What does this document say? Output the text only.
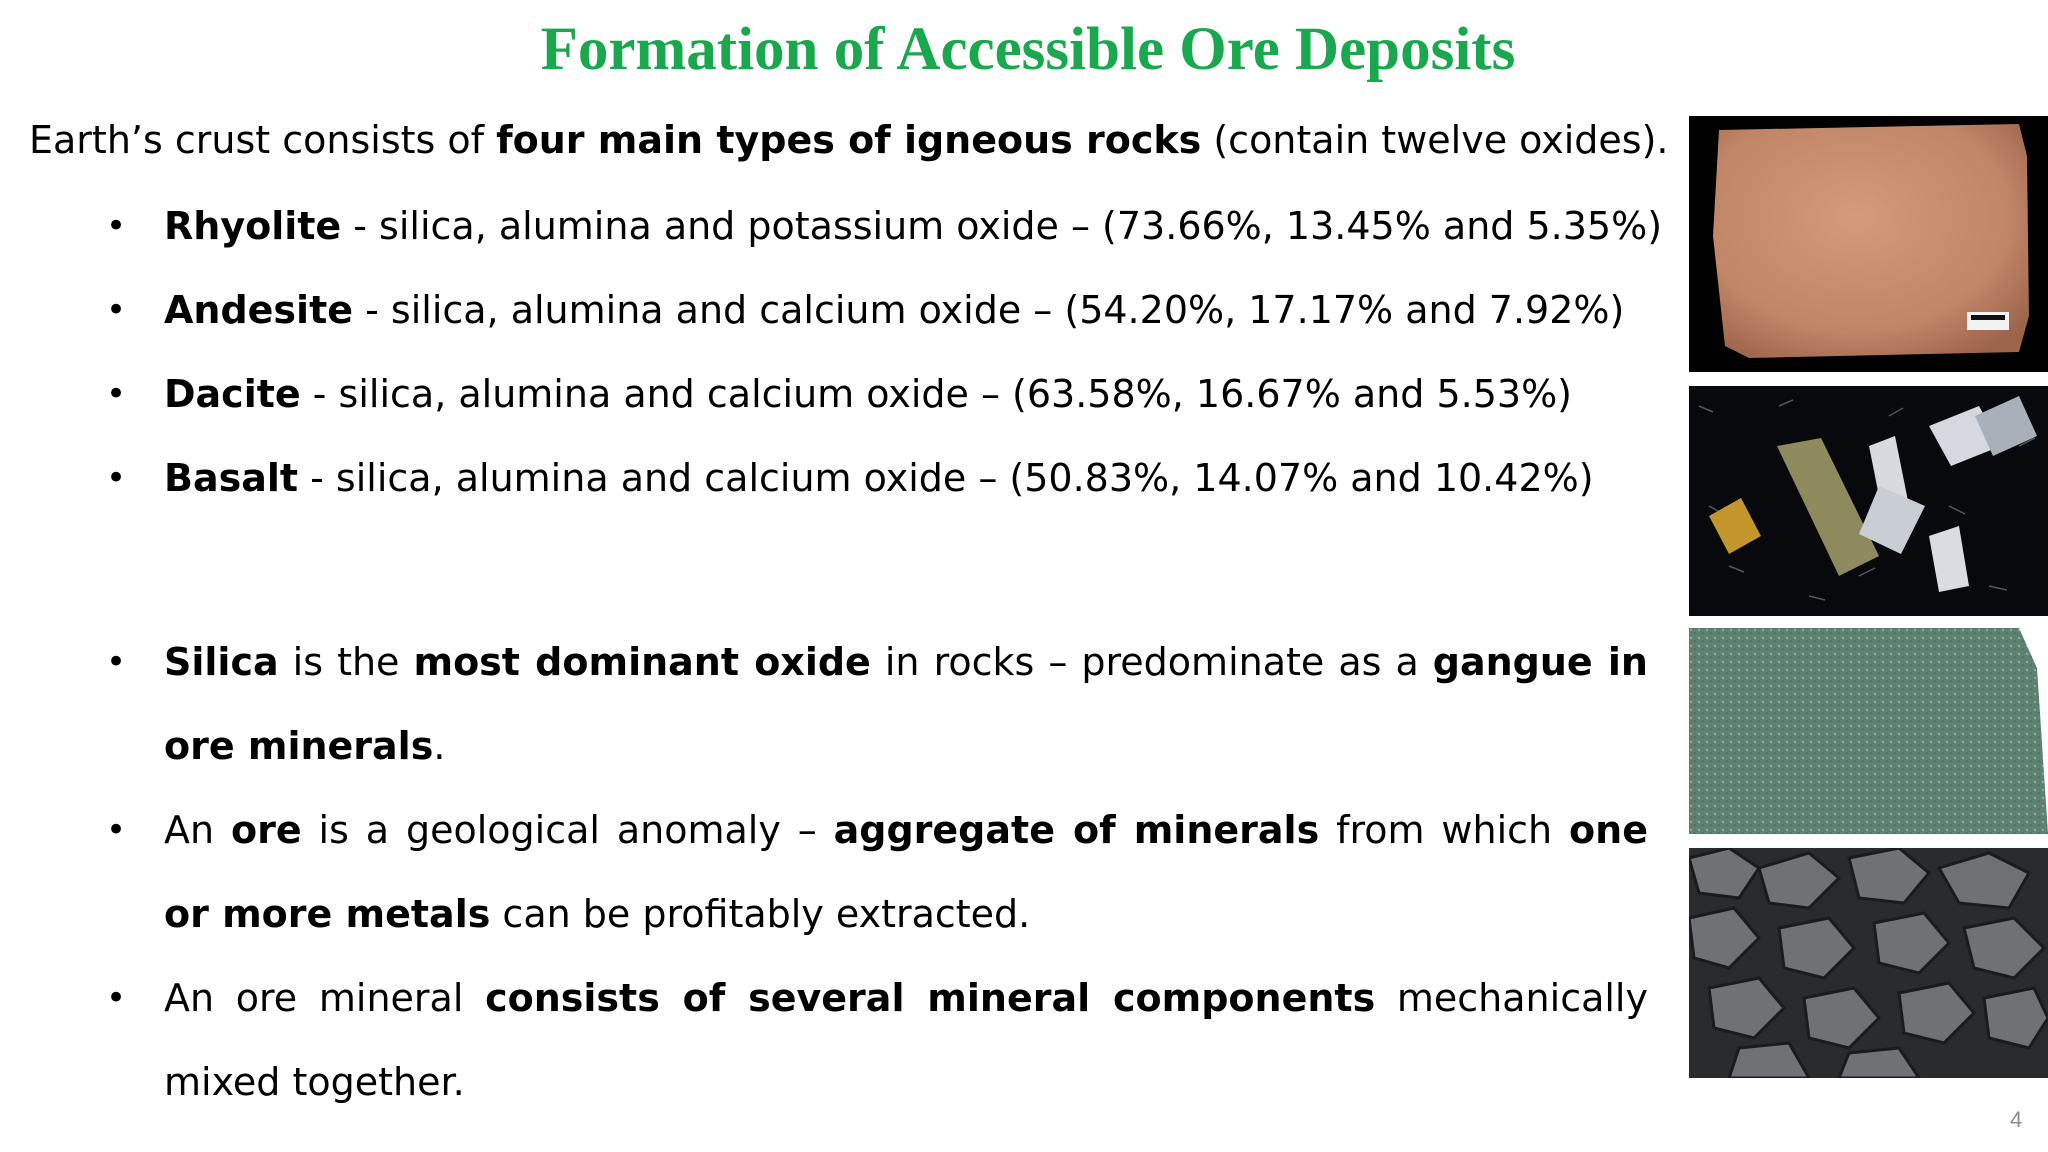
Formation of Accessible Ore Deposits

Earth’s crust consists of four main types of igneous rocks (contain twelve oxides).

• Rhyolite - silica, alumina and potassium oxide – (73.66%, 13.45% and 5.35%)
• Andesite - silica, alumina and calcium oxide – (54.20%, 17.17% and 7.92%)
• Dacite - silica, alumina and calcium oxide – (63.58%, 16.67% and 5.53%)
• Basalt - silica, alumina and calcium oxide – (50.83%, 14.07% and 10.42%)
• Silica is the most dominant oxide in rocks – predominate as a gangue in ore minerals.
• An ore is a geological anomaly – aggregate of minerals from which one or more metals can be profitably extracted.
• An ore mineral consists of several mineral components mechanically mixed together.
4
